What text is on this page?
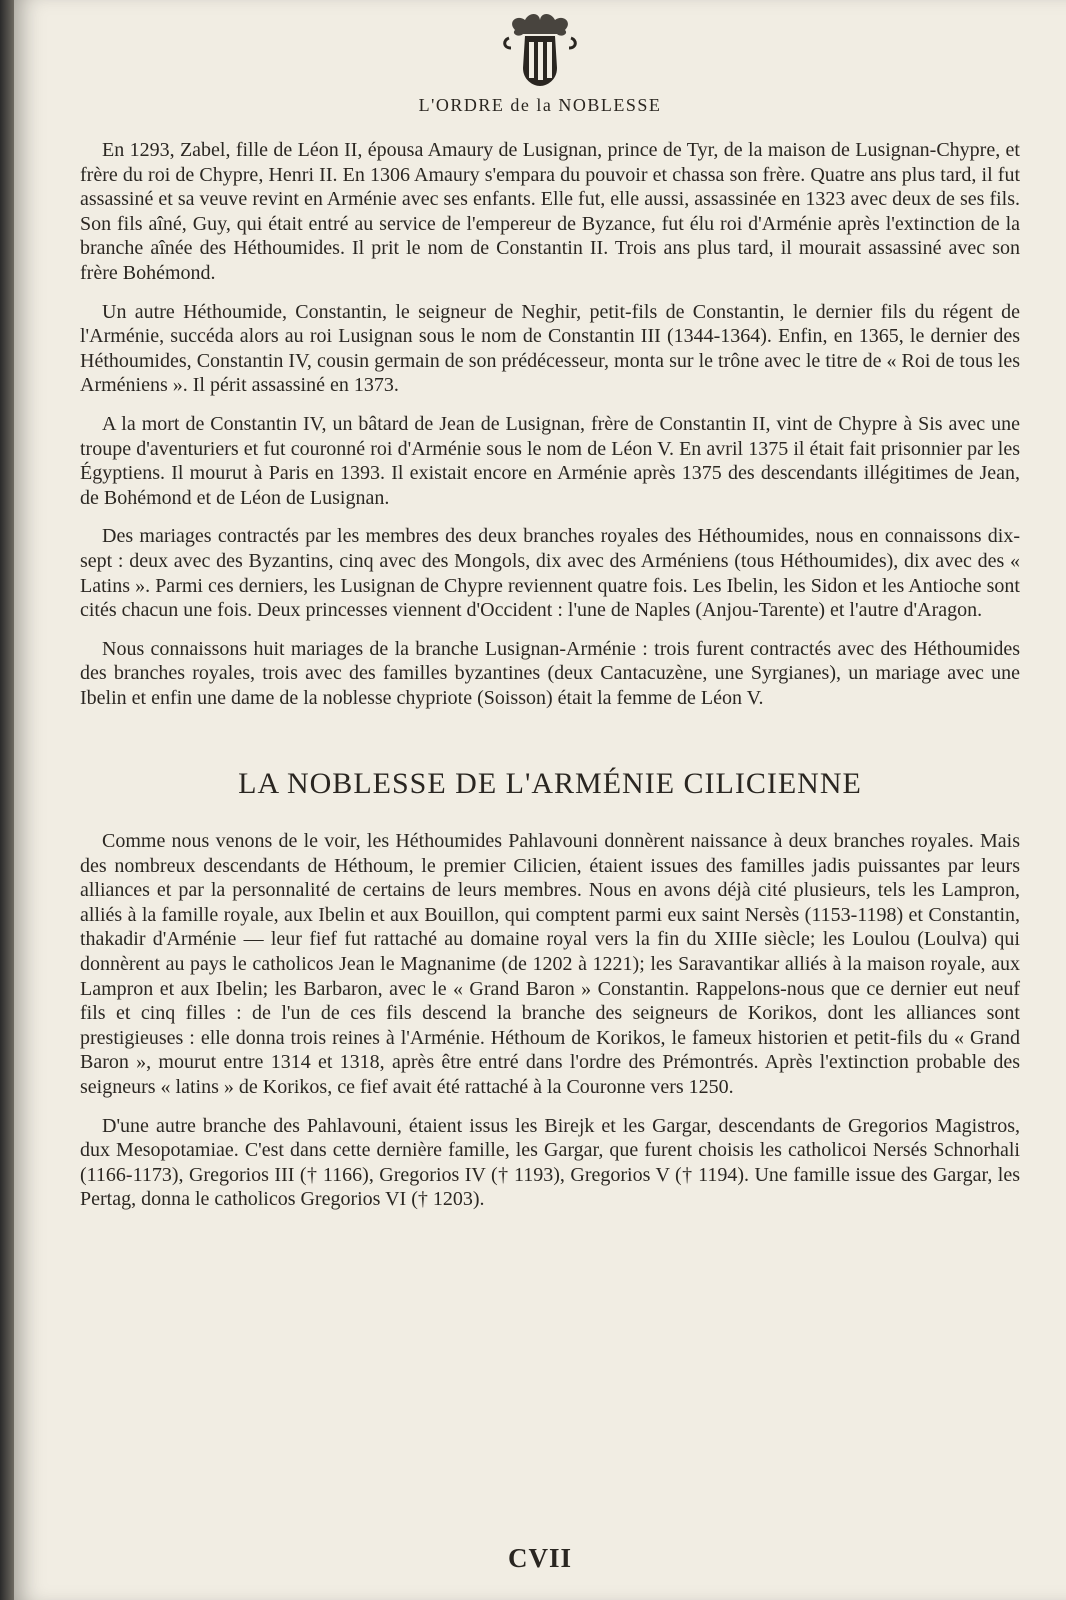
L'ORDRE de la NOBLESSE

En 1293, Zabel, fille de Léon II, épousa Amaury de Lusignan, prince de Tyr, de la maison de Lusignan-Chypre, et frère du roi de Chypre, Henri II. En 1306 Amaury s'empara du pouvoir et chassa son frère. Quatre ans plus tard, il fut assassiné et sa veuve revint en Arménie avec ses enfants. Elle fut, elle aussi, assassinée en 1323 avec deux de ses fils. Son fils aîné, Guy, qui était entré au service de l'empereur de Byzance, fut élu roi d'Arménie après l'extinction de la branche aînée des Héthoumides. Il prit le nom de Constantin II. Trois ans plus tard, il mourait assassiné avec son frère Bohémond.

Un autre Héthoumide, Constantin, le seigneur de Neghir, petit-fils de Constantin, le dernier fils du régent de l'Arménie, succéda alors au roi Lusignan sous le nom de Constantin III (1344-1364). Enfin, en 1365, le dernier des Héthoumides, Constantin IV, cousin germain de son prédécesseur, monta sur le trône avec le titre de « Roi de tous les Arméniens ». Il périt assassiné en 1373.

A la mort de Constantin IV, un bâtard de Jean de Lusignan, frère de Constantin II, vint de Chypre à Sis avec une troupe d'aventuriers et fut couronné roi d'Arménie sous le nom de Léon V. En avril 1375 il était fait prisonnier par les Égyptiens. Il mourut à Paris en 1393. Il existait encore en Arménie après 1375 des descendants illégitimes de Jean, de Bohémond et de Léon de Lusignan.

Des mariages contractés par les membres des deux branches royales des Héthoumides, nous en connaissons dix-sept : deux avec des Byzantins, cinq avec des Mongols, dix avec des Arméniens (tous Héthoumides), dix avec des « Latins ». Parmi ces derniers, les Lusignan de Chypre reviennent quatre fois. Les Ibelin, les Sidon et les Antioche sont cités chacun une fois. Deux princesses viennent d'Occident : l'une de Naples (Anjou-Tarente) et l'autre d'Aragon.

Nous connaissons huit mariages de la branche Lusignan-Arménie : trois furent contractés avec des Héthoumides des branches royales, trois avec des familles byzantines (deux Cantacuzène, une Syrgianes), un mariage avec une Ibelin et enfin une dame de la noblesse chypriote (Soisson) était la femme de Léon V.

LA NOBLESSE DE L'ARMÉNIE CILICIENNE

Comme nous venons de le voir, les Héthoumides Pahlavouni donnèrent naissance à deux branches royales. Mais des nombreux descendants de Héthoum, le premier Cilicien, étaient issues des familles jadis puissantes par leurs alliances et par la personnalité de certains de leurs membres. Nous en avons déjà cité plusieurs, tels les Lampron, alliés à la famille royale, aux Ibelin et aux Bouillon, qui comptent parmi eux saint Nersès (1153-1198) et Constantin, thakadir d'Arménie — leur fief fut rattaché au domaine royal vers la fin du XIIIe siècle; les Loulou (Loulva) qui donnèrent au pays le catholicos Jean le Magnanime (de 1202 à 1221); les Saravantikar alliés à la maison royale, aux Lampron et aux Ibelin; les Barbaron, avec le « Grand Baron » Constantin. Rappelons-nous que ce dernier eut neuf fils et cinq filles : de l'un de ces fils descend la branche des seigneurs de Korikos, dont les alliances sont prestigieuses : elle donna trois reines à l'Arménie. Héthoum de Korikos, le fameux historien et petit-fils du « Grand Baron », mourut entre 1314 et 1318, après être entré dans l'ordre des Prémontrés. Après l'extinction probable des seigneurs « latins » de Korikos, ce fief avait été rattaché à la Couronne vers 1250.

D'une autre branche des Pahlavouni, étaient issus les Birejk et les Gargar, descendants de Gregorios Magistros, dux Mesopotamiae. C'est dans cette dernière famille, les Gargar, que furent choisis les catholicoi Nersés Schnorhali (1166-1173), Gregorios III († 1166), Gregorios IV († 1193), Gregorios V († 1194). Une famille issue des Gargar, les Pertag, donna le catholicos Gregorios VI († 1203).

CVII
